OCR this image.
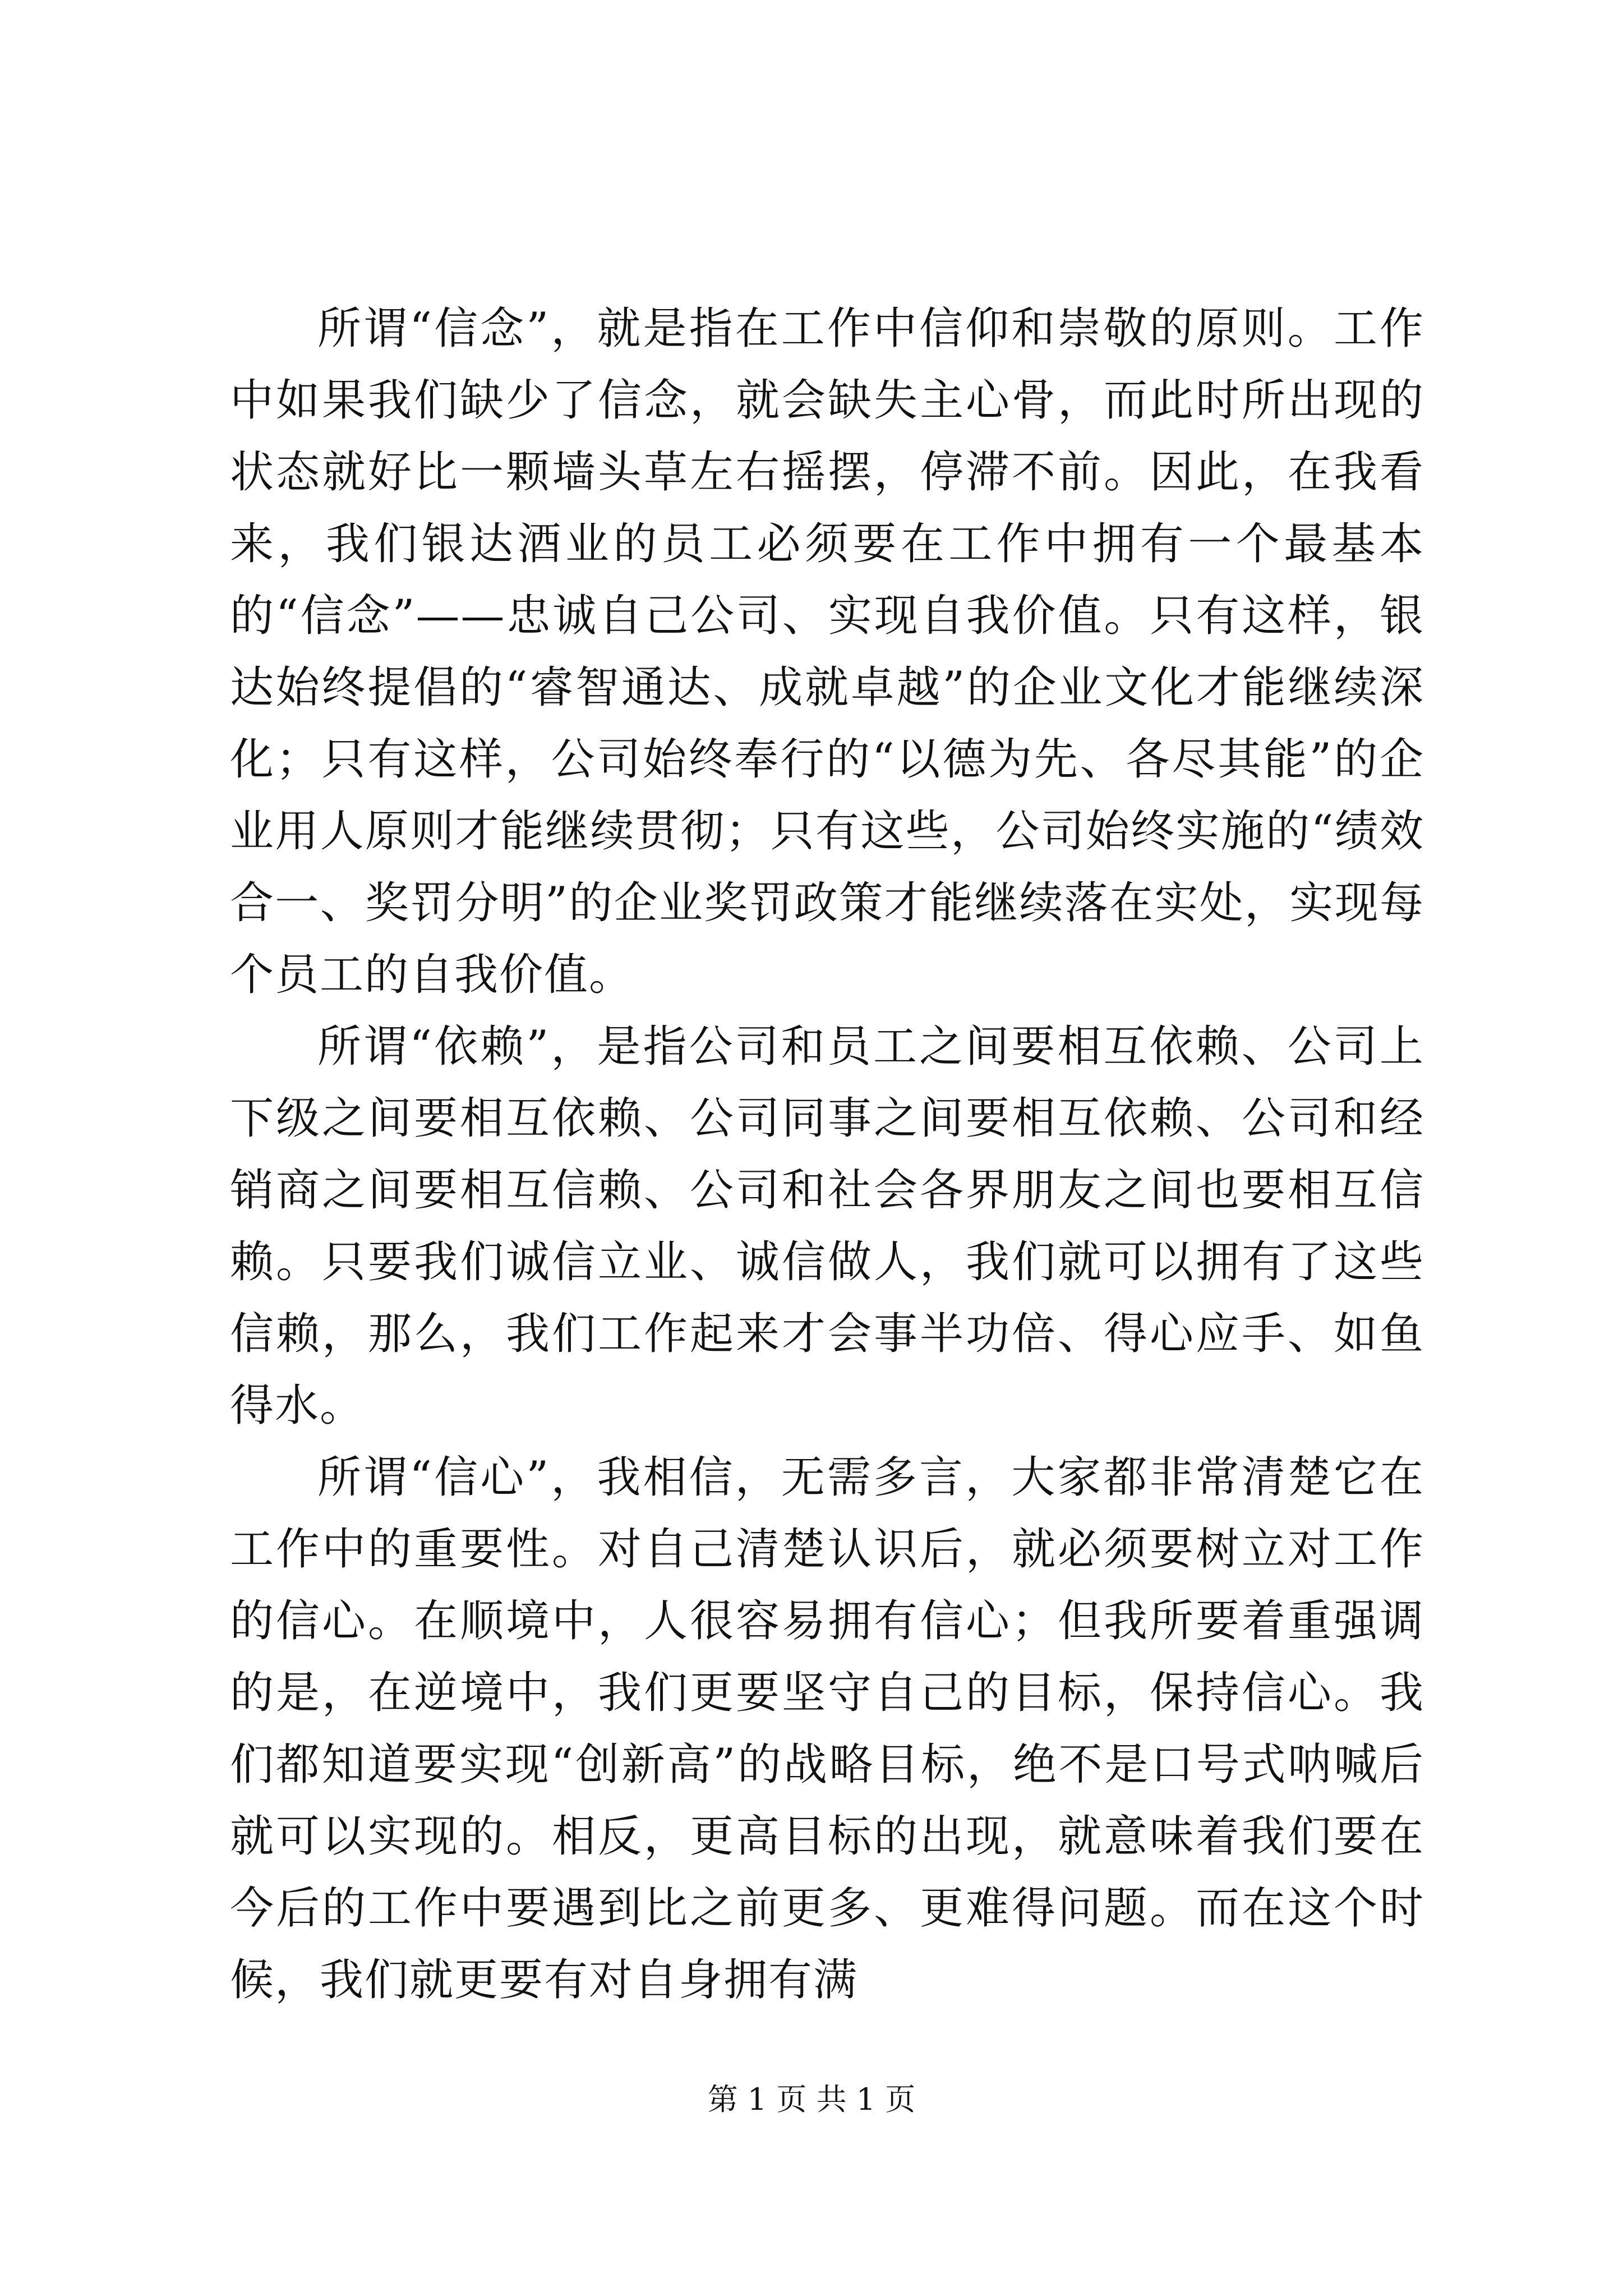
所谓“信念”，就是指在工作中信仰和崇敬的原则。工作中如果我们缺少了信念，就会缺失主心骨，而此时所出现的状态就好比一颗墙头草左右摇摆，停滞不前。因此，在我看来，我们银达酒业的员工必须要在工作中拥有一个最基本的“信念”——忠诚自己公司、实现自我价值。只有这样，银达始终提倡的“睿智通达、成就卓越”的企业文化才能继续深化；只有这样，公司始终奉行的“以德为先、各尽其能”的企业用人原则才能继续贯彻；只有这些，公司始终实施的“绩效合一、奖罚分明”的企业奖罚政策才能继续落在实处，实现每个员工的自我价值。

所谓“依赖”，是指公司和员工之间要相互依赖、公司上下级之间要相互依赖、公司同事之间要相互依赖、公司和经销商之间要相互信赖、公司和社会各界朋友之间也要相互信赖。只要我们诚信立业、诚信做人，我们就可以拥有了这些信赖，那么，我们工作起来才会事半功倍、得心应手、如鱼得水。

所谓“信心”，我相信，无需多言，大家都非常清楚它在工作中的重要性。对自己清楚认识后，就必须要树立对工作的信心。在顺境中，人很容易拥有信心；但我所要着重强调的是，在逆境中，我们更要坚守自己的目标，保持信心。我们都知道要实现“创新高”的战略目标，绝不是口号式呐喊后就可以实现的。相反，更高目标的出现，就意味着我们要在今后的工作中要遇到比之前更多、更难得问题。而在这个时候，我们就更要有对自身拥有满

第 1 页 共 1 页
